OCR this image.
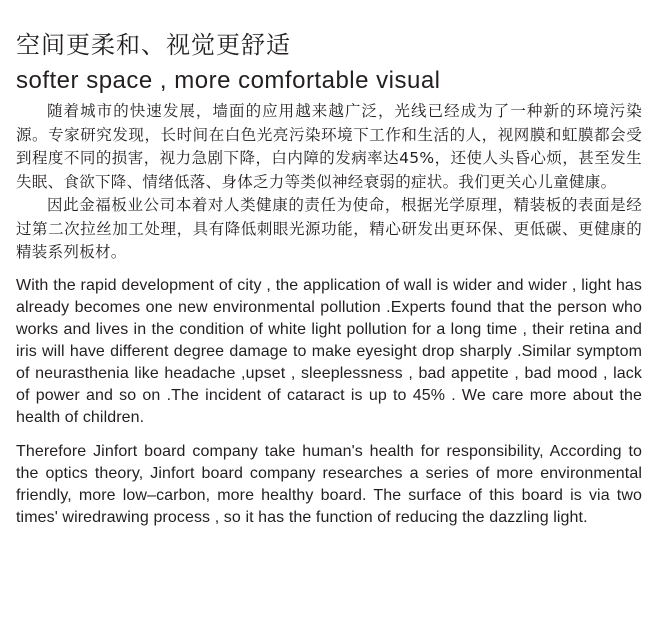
空间更柔和、视觉更舒适
softer space , more comfortable visual

随着城市的快速发展，墙面的应用越来越广泛，光线已经成为了一种新的环境污染源。专家研究发现，长时间在白色光亮污染环境下工作和生活的人，视网膜和虹膜都会受到程度不同的损害，视力急剧下降，白内障的发病率达45%，还使人头昏心烦，甚至发生失眠、食欲下降、情绪低落、身体乏力等类似神经衰弱的症状。我们更关心儿童健康。

因此金福板业公司本着对人类健康的责任为使命，根据光学原理，精装板的表面是经过第二次拉丝加工处理，具有降低刺眼光源功能，精心研发出更环保、更低碳、更健康的精装系列板材。

With the rapid development of city , the application of wall is wider and wider , light has already becomes one new environmental pollution .Experts found that the person who works and lives in the condition of white light pollution for a long time , their retina and iris will have different degree damage to make eyesight drop sharply .Similar symptom of neurasthenia like headache ,upset , sleeplessness , bad appetite , bad mood , lack of power and so on .The incident of cataract is up to 45% . We care more about the health of children.

Therefore Jinfort board company take human's health for responsibility, According to the optics theory, Jinfort board company researches a series of more environmental friendly, more low–carbon, more healthy board. The surface of this board is via two times' wiredrawing process , so it has the function of reducing the dazzling light.
